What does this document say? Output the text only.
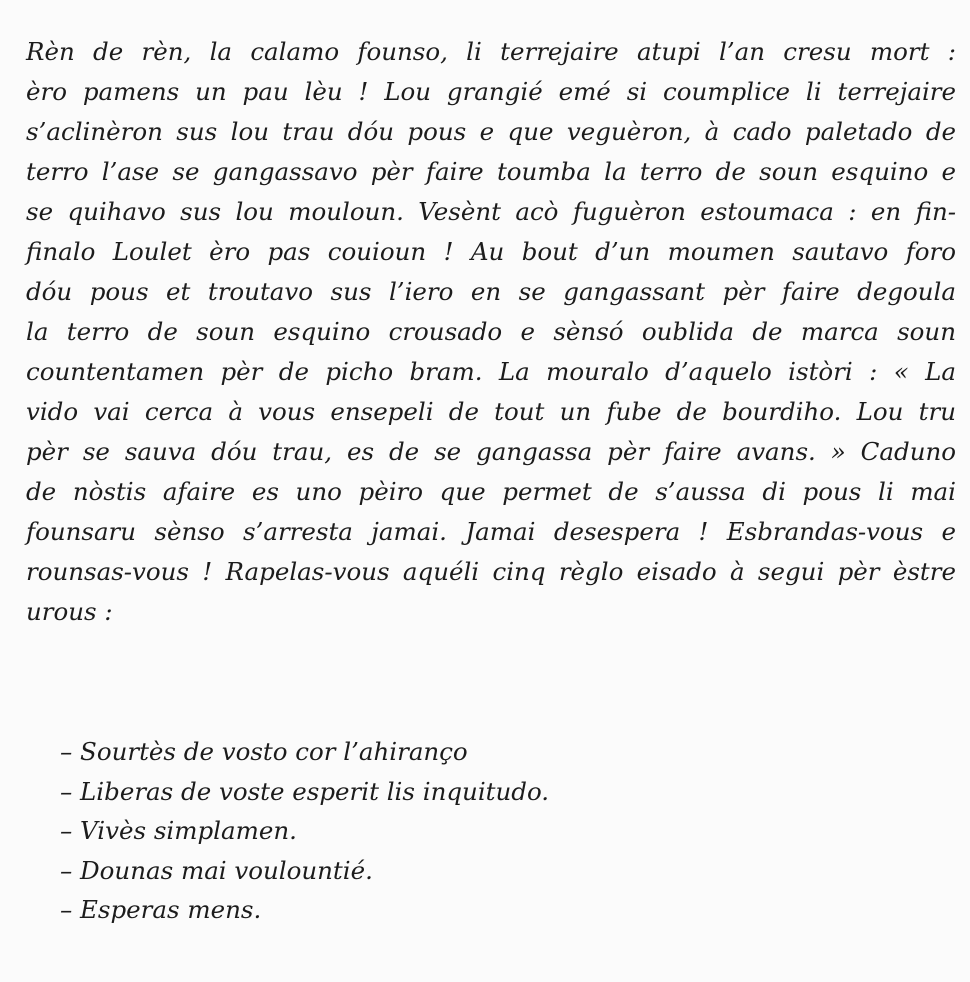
Rèn de rèn, la calamo founso, li terrejaire atupi l’an cresu mort :
èro pamens un pau lèu ! Lou grangié emé si coumplice li terrejaire
s’aclinèron sus lou trau dóu pous e que veguèron, à cado paletado de
terro l’ase se gangassavo pèr faire toumba la terro de soun esquino e
se quihavo sus lou mouloun. Vesènt acò fuguèron estoumaca : en fin-
finalo Loulet èro pas couioun ! Au bout d’un moumen sautavo foro
dóu pous et troutavo sus l’iero en se gangassant pèr faire degoula
la terro de soun esquino crousado e sènsó oublida de marca soun
countentamen pèr de picho bram. La mouralo d’aquelo istòri : « La
vido vai cerca à vous ensepeli de tout un fube de bourdiho. Lou tru
pèr se sauva dóu trau, es de se gangassa pèr faire avans. » Caduno
de nòstis afaire es uno pèiro que permet de s’aussa di pous li mai
founsaru sènso s’arresta jamai. Jamai desespera ! Esbrandas-vous e
rounsas-vous ! Rapelas-vous aquéli cinq règlo eisado à segui pèr èstre
urous :
– Sourtès de vosto cor l’ahiranço
– Liberas de voste esperit lis inquitudo.
– Vivès simplamen.
– Dounas mai voulountié.
– Esperas mens.
